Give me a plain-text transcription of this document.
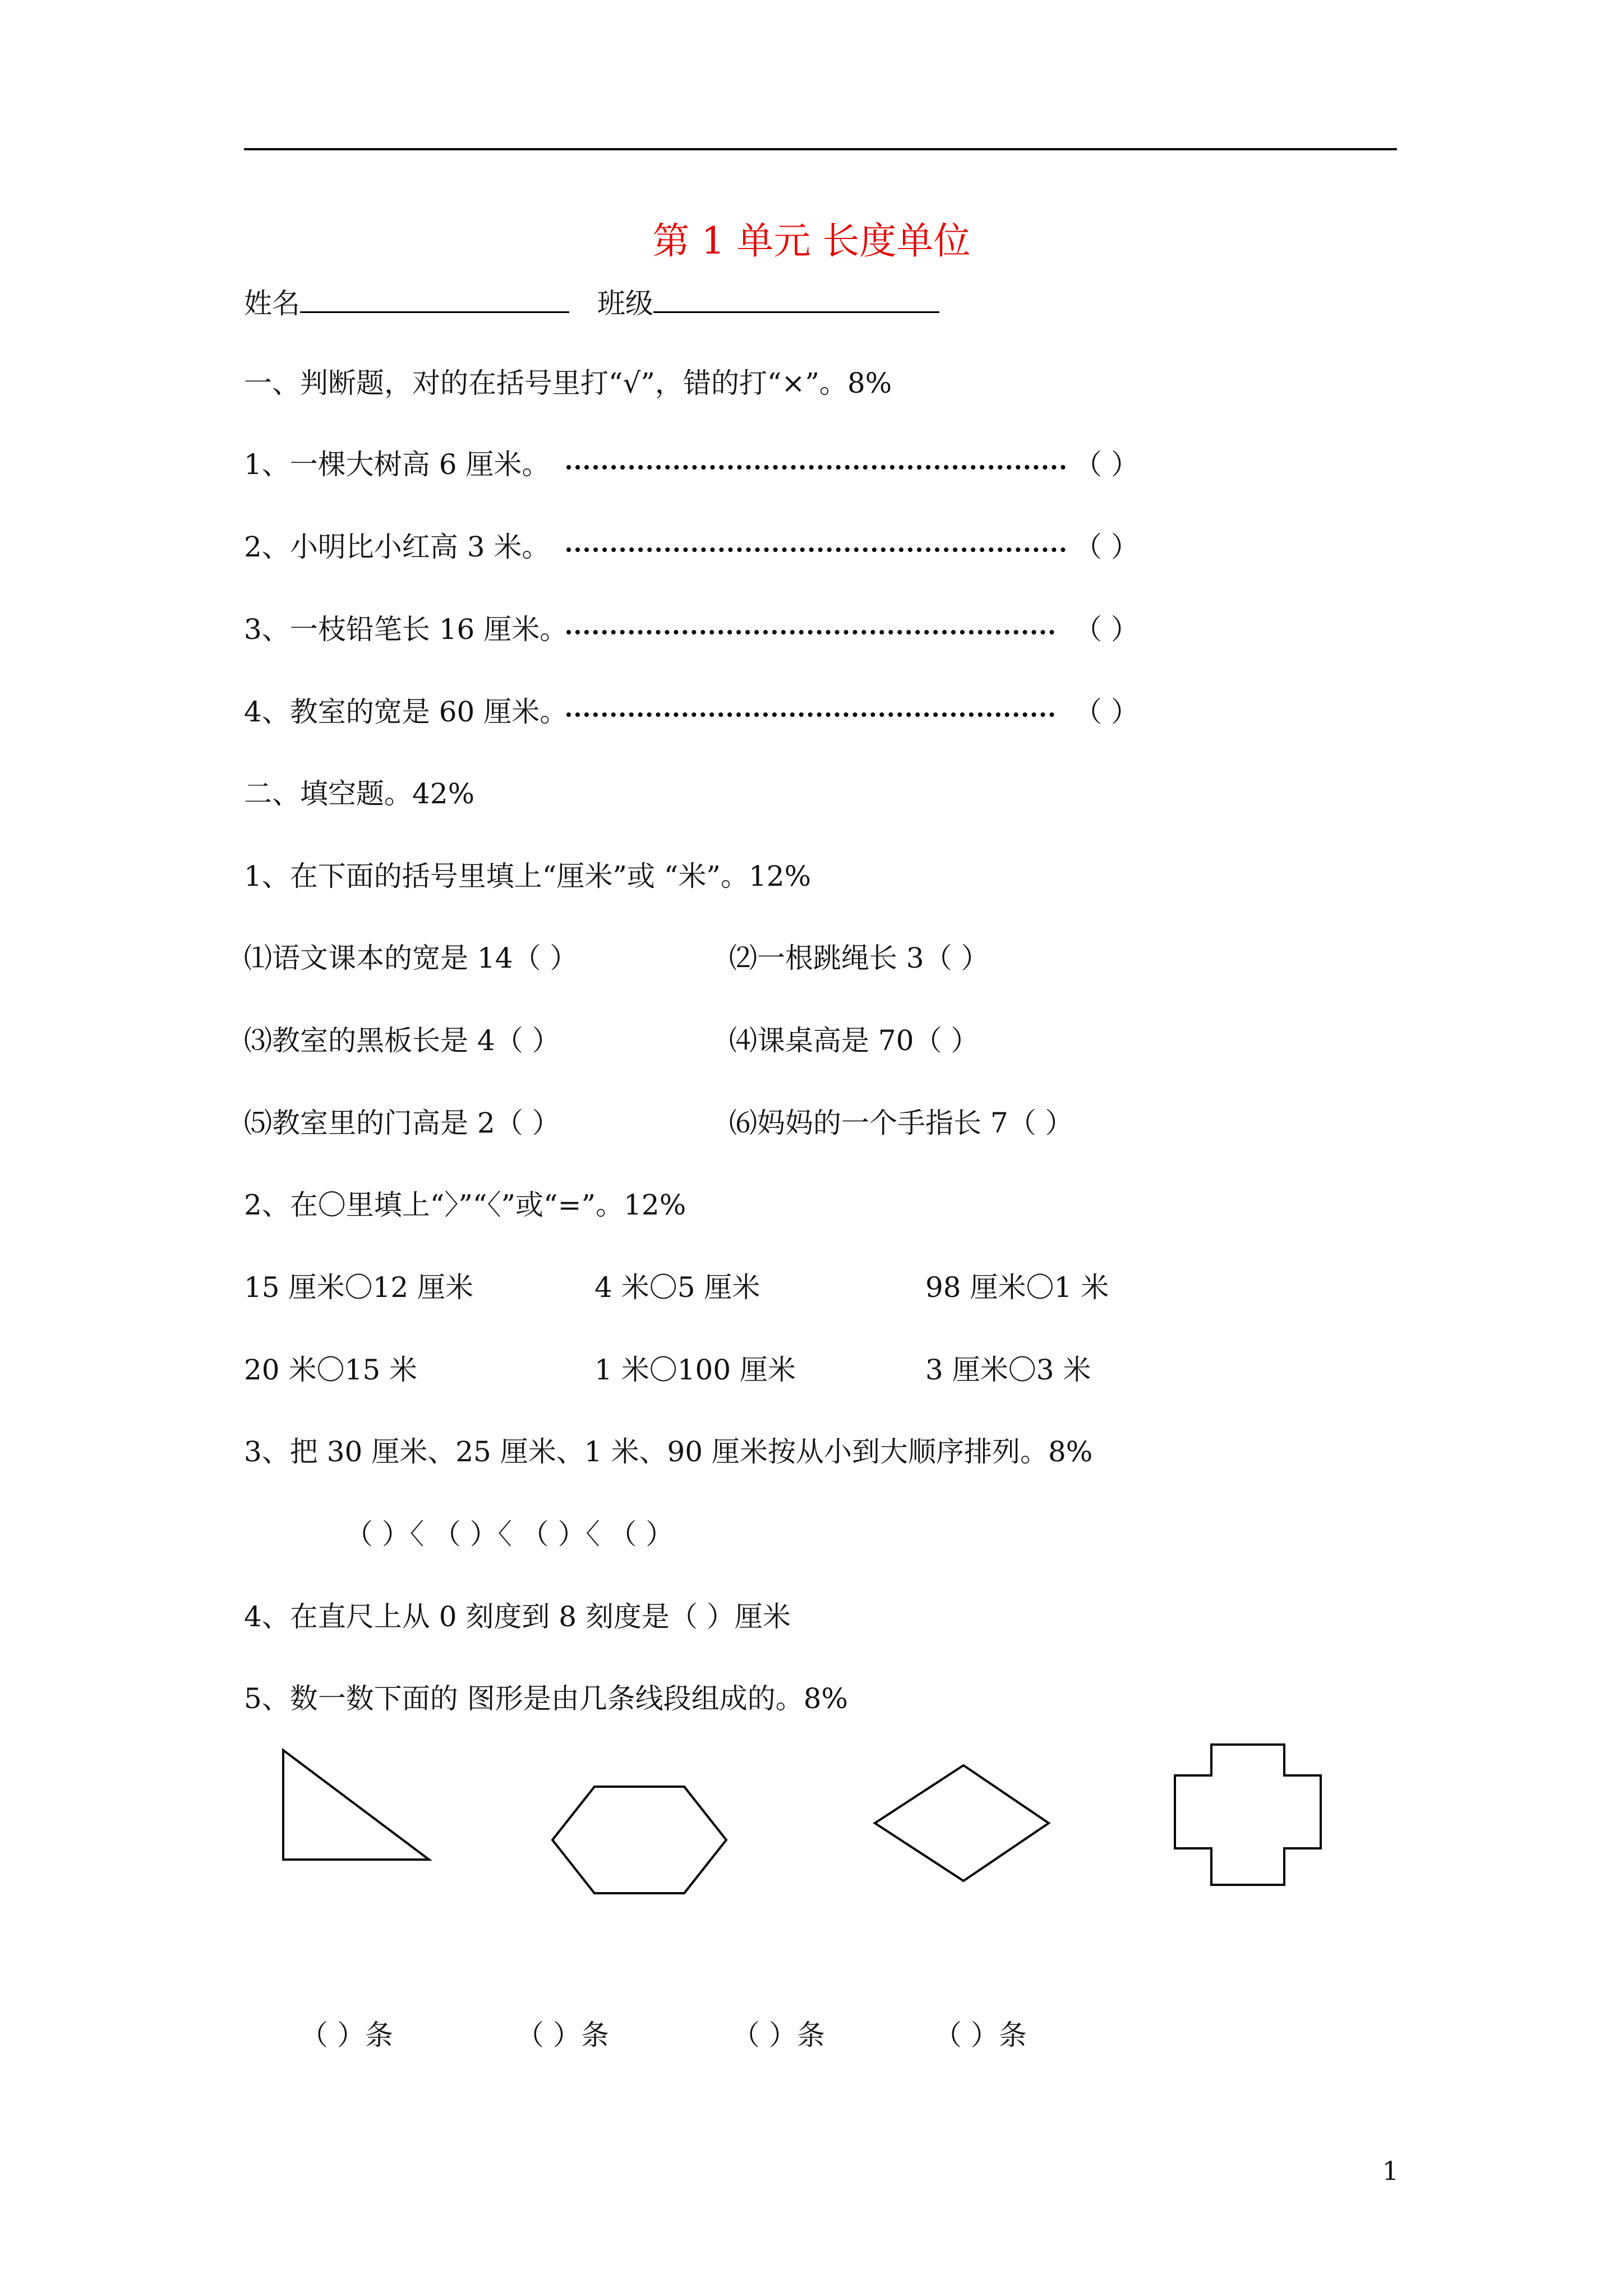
第 1 单元 长度单位
姓名	班级
一、判断题，对的在括号里打“√”，错的打“×”。8%
1、一棵大树高 6 厘米。	（ ）
2、小明比小红高 3 米。	（ ）
3、一枝铅笔长 16 厘米。	（ ）
4、教室的宽是 60 厘米。	（ ）
二、填空题。42%
1、在下面的括号里填上“厘米”或 “米”。12%
⑴语文课本的宽是 14（ ）	⑵一根跳绳长 3（ ）
⑶教室的黑板长是 4（ ）	⑷课桌高是 70（ ）
⑸教室里的门高是 2（ ）	⑹妈妈的一个手指长 7（ ）
2、在〇里填上“〉”“〈”或“=”。12%
15 厘米〇12 厘米	4 米〇5 厘米	98 厘米〇1 米
20 米〇15 米	1 米〇100 厘米	3 厘米〇3 米
3、把 30 厘米、25 厘米、1 米、90 厘米按从小到大顺序排列。8%
（ ）〈 （ ）〈 （ ）〈 （ ）
4、在直尺上从 0 刻度到 8 刻度是（ ）厘米
5、数一数下面的 图形是由几条线段组成的。8%
（ ）条	（ ）条	（ ）条	（ ）条
1
